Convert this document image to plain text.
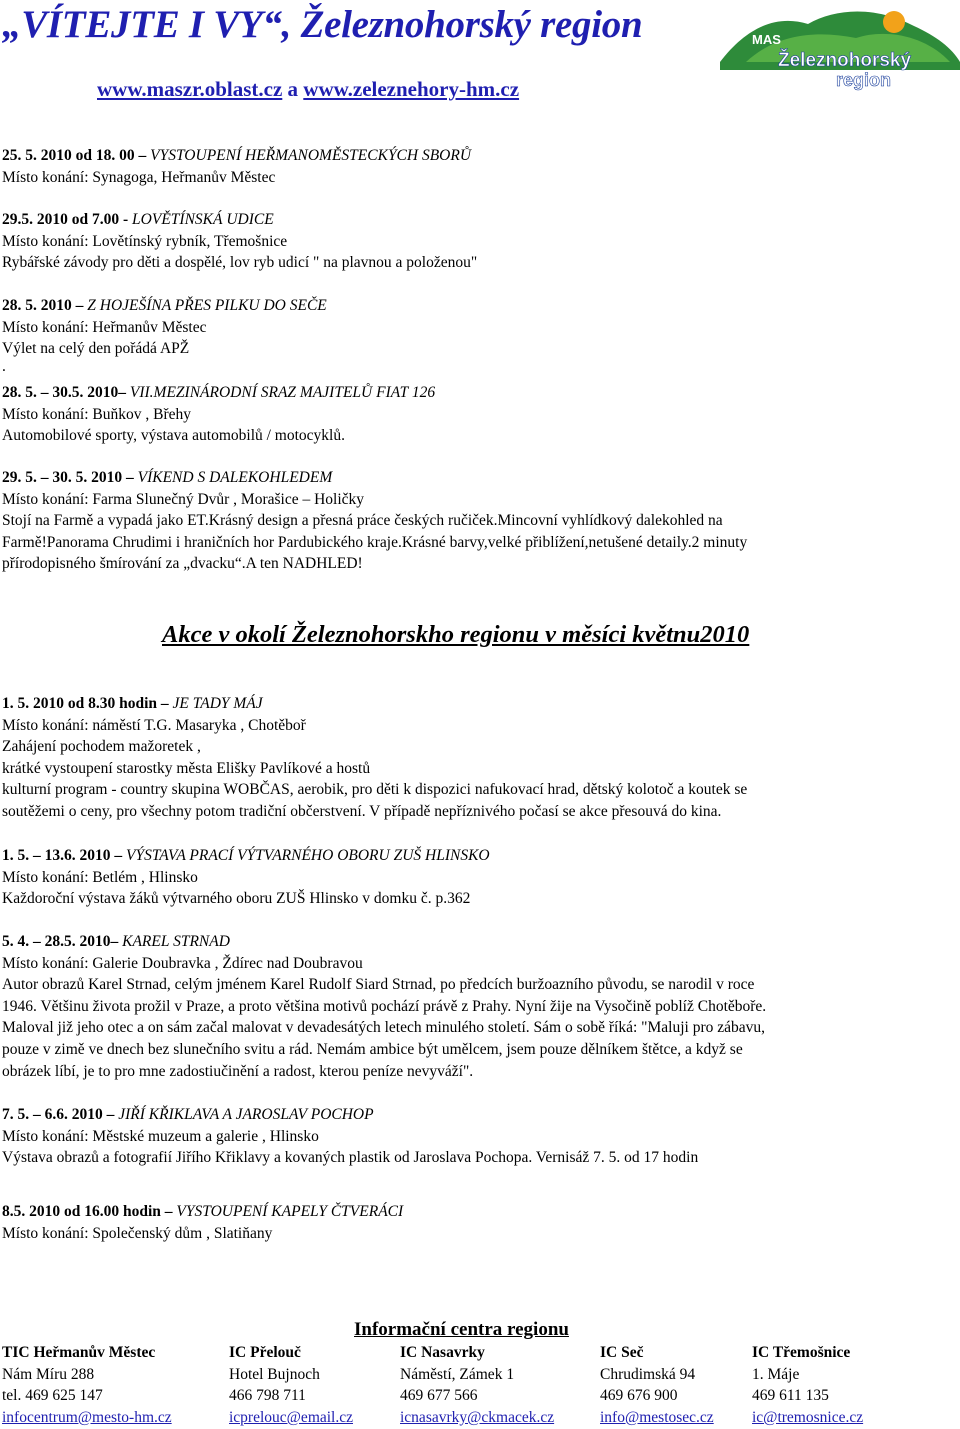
„VÍTEJTE I VY“, Železnohorský region
www.maszr.oblast.cz a www.zeleznehory-hm.cz
MAS
Železnohorský
region
25. 5. 2010 od 18. 00 – VYSTOUPENÍ HEŘMANOMĚSTECKÝCH SBORŮ
Místo konání: Synagoga, Heřmanův Městec
29.5. 2010 od 7.00 - LOVĚTÍNSKÁ UDICE
Místo konání: Lovětínský rybník, Třemošnice
Rybářské závody pro děti a dospělé, lov ryb udicí " na plavnou a položenou"
28. 5. 2010 – Z HOJEŠÍNA PŘES PILKU DO SEČE
Místo konání: Heřmanův Městec
Výlet na celý den pořádá APŽ
.
28. 5. – 30.5. 2010– VII.MEZINÁRODNÍ SRAZ MAJITELŮ FIAT 126
Místo konání: Buňkov , Břehy
Automobilové sporty, výstava automobilů / motocyklů.
29. 5. – 30. 5. 2010 – VÍKEND S DALEKOHLEDEM
Místo konání: Farma Slunečný Dvůr , Morašice – Holičky
Stojí na Farmě a vypadá jako ET.Krásný design a přesná práce českých ručiček.Mincovní vyhlídkový dalekohled na
Farmě!Panorama Chrudimi i hraničních hor Pardubického kraje.Krásné barvy,velké přiblížení,netušené detaily.2 minuty
přírodopisného šmírování za „dvacku“.A ten NADHLED!
Akce v okolí Železnohorskho regionu v měsíci květnu2010
1. 5. 2010 od 8.30 hodin – JE TADY MÁJ
Místo konání: náměstí T.G. Masaryka , Chotěboř
Zahájení pochodem mažoretek ,
krátké vystoupení starostky města Elišky Pavlíkové a hostů
kulturní program - country skupina WOBČAS, aerobik, pro děti k dispozici nafukovací hrad, dětský kolotoč a koutek se
soutěžemi o ceny, pro všechny potom tradiční občerstvení. V případě nepříznivého počasí se akce přesouvá do kina.
1. 5. – 13.6. 2010 – VÝSTAVA PRACÍ VÝTVARNÉHO OBORU ZUŠ HLINSKO
Místo konání: Betlém , Hlinsko
Každoroční výstava žáků výtvarného oboru ZUŠ Hlinsko v domku č. p.362
5. 4. – 28.5. 2010– KAREL STRNAD
Místo konání: Galerie Doubravka , Ždírec nad Doubravou
Autor obrazů Karel Strnad, celým jménem Karel Rudolf Siard Strnad, po předcích buržoazního původu, se narodil v roce
1946. Většinu života prožil v Praze, a proto většina motivů pochází právě z Prahy. Nyní žije na Vysočině poblíž Chotěboře.
Maloval již jeho otec a on sám začal malovat v devadesátých letech minulého století. Sám o sobě říká: "Maluji pro zábavu,
pouze v zimě ve dnech bez slunečního svitu a rád. Nemám ambice být umělcem, jsem pouze dělníkem štětce, a když se
obrázek líbí, je to pro mne zadostiučinění a radost, kterou peníze nevyváží".
7. 5. – 6.6. 2010 – JIŘÍ KŘIKLAVA A JAROSLAV POCHOP
Místo konání: Městské muzeum a galerie , Hlinsko
Výstava obrazů a fotografií Jiřího Křiklavy a kovaných plastik od Jaroslava Pochopa. Vernisáž 7. 5. od 17 hodin
8.5. 2010 od 16.00 hodin – VYSTOUPENÍ KAPELY ČTVERÁCI
Místo konání: Společenský dům , Slatiňany
Informační centra regionu
TIC Heřmanův Městec
Nám Míru 288
tel. 469 625 147
infocentrum@mesto-hm.cz
IC Přelouč
Hotel Bujnoch
466 798 711
icprelouc@email.cz
IC Nasavrky
Náměstí, Zámek 1
469 677 566
icnasavrky@ckmacek.cz
IC Seč
Chrudimská 94
469 676 900
info@mestosec.cz
IC Třemošnice
1. Máje
469 611 135
ic@tremosnice.cz
